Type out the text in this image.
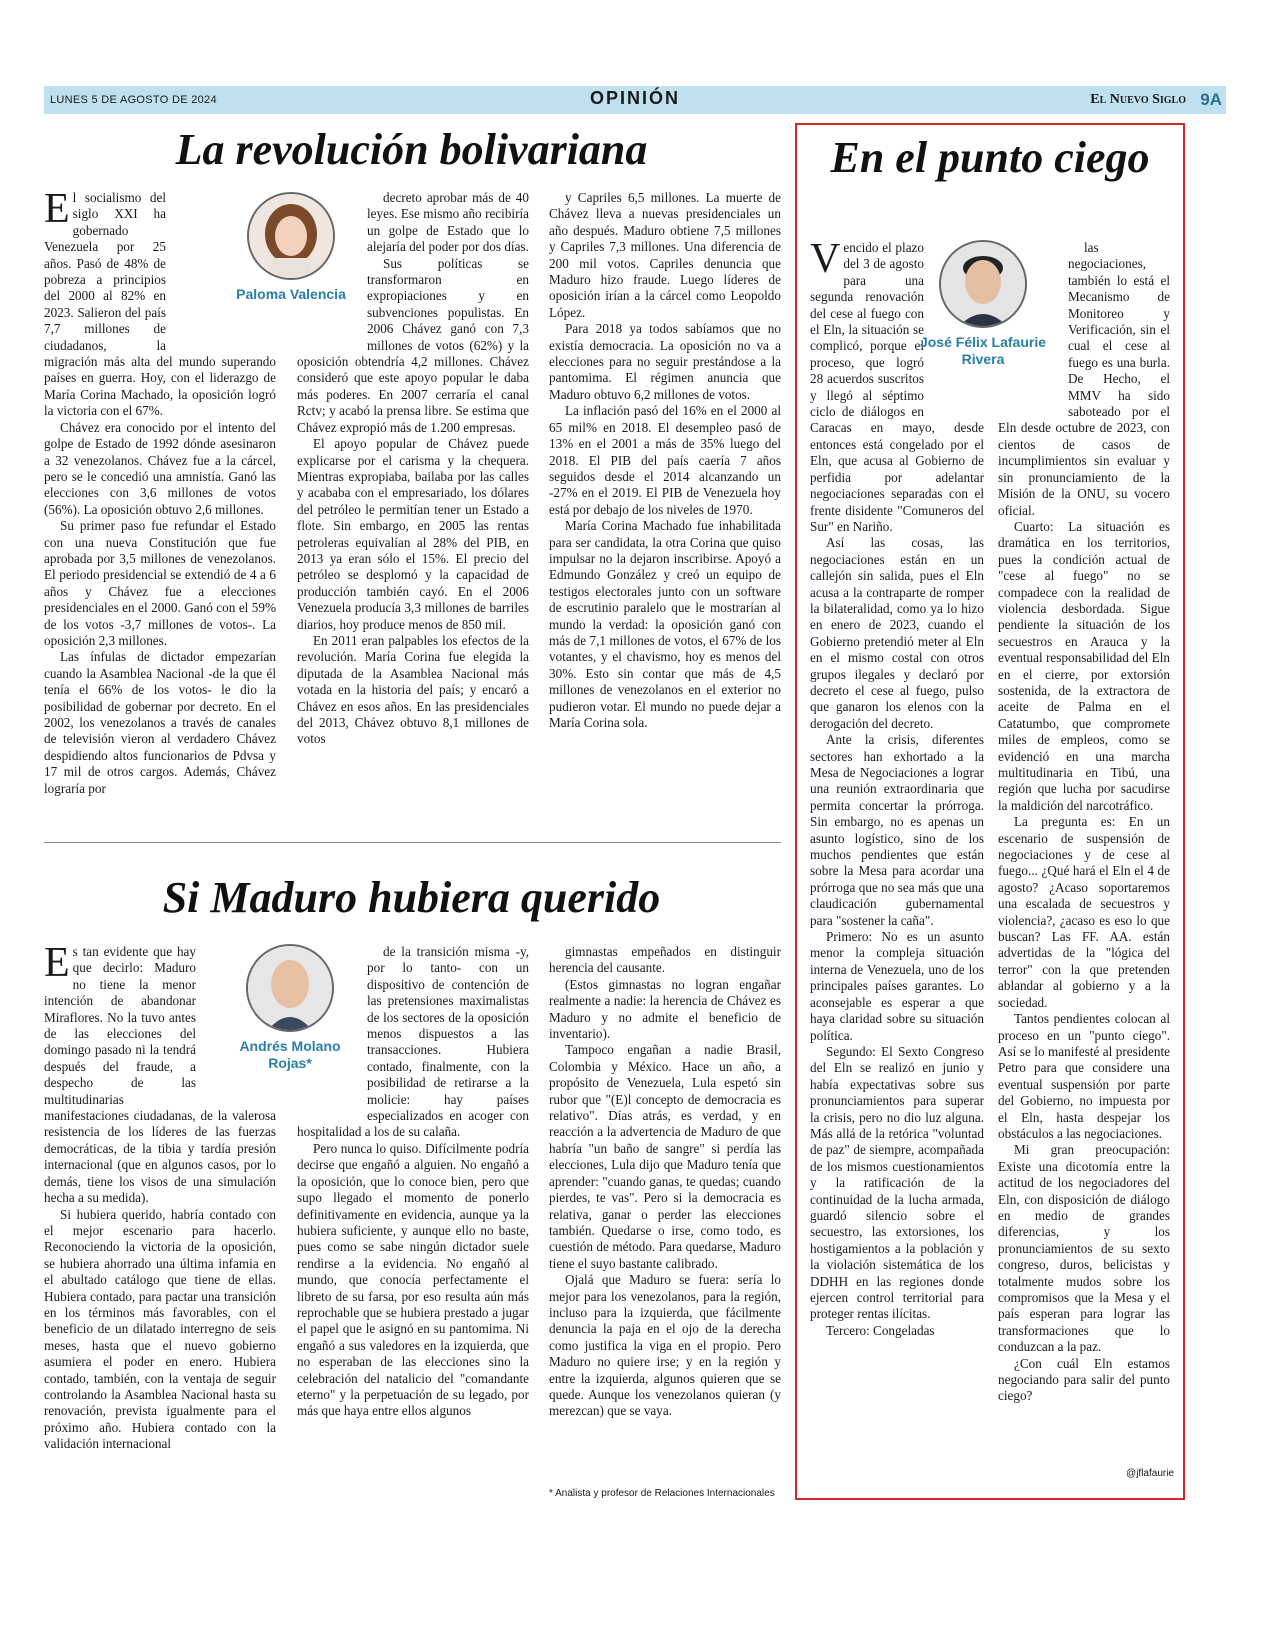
LUNES 5 DE AGOSTO DE 2024	OPINIÓN	El Nuevo Siglo 9A
La revolución bolivariana

El socialismo del siglo XXI ha gobernado Venezuela por 25 años. Pasó de 48% de pobreza a principios del 2000 al 82% en 2023. Salieron del país 7,7 millones de ciudadanos, la migración más alta del mundo superando países en guerra. Hoy, con el liderazgo de María Corina Machado, la oposición logró la victoria con el 67%.

Chávez era conocido por el intento del golpe de Estado de 1992 dónde asesinaron a 32 venezolanos. Chávez fue a la cárcel, pero se le concedió una amnistía. Ganó las elecciones con 3,6 millones de votos (56%). La oposición obtuvo 2,6 millones.

Su primer paso fue refundar el Estado con una nueva Constitución que fue aprobada por 3,5 millones de venezolanos. El periodo presidencial se extendió de 4 a 6 años y Chávez fue a elecciones presidenciales en el 2000. Ganó con el 59% de los votos -3,7 millones de votos-. La oposición 2,3 millones.

Las ínfulas de dictador empezarían cuando la Asamblea Nacional -de la que él tenía el 66% de los votos- le dio la posibilidad de gobernar por decreto. En el 2002, los venezolanos a través de canales de televisión vieron al verdadero Chávez despidiendo altos funcionarios de Pdvsa y 17 mil de otros cargos. Además, Chávez lograría por

Paloma Valencia

decreto aprobar más de 40 leyes. Ese mismo año recibiría un golpe de Estado que lo alejaría del poder por dos días.

Sus políticas se transformaron en expropiaciones y en subvenciones populistas. En 2006 Chávez ganó con 7,3 millones de votos (62%) y la oposición obtendría 4,2 millones. Chávez consideró que este apoyo popular le daba más poderes. En 2007 cerraría el canal Rctv; y acabó la prensa libre. Se estima que Chávez expropió más de 1.200 empresas.

El apoyo popular de Chávez puede explicarse por el carisma y la chequera. Mientras expropiaba, bailaba por las calles y acababa con el empresariado, los dólares del petróleo le permitían tener un Estado a flote. Sin embargo, en 2005 las rentas petroleras equivalían al 28% del PIB, en 2013 ya eran sólo el 15%. El precio del petróleo se desplomó y la capacidad de producción también cayó. En el 2006 Venezuela producía 3,3 millones de barriles diarios, hoy produce menos de 850 mil.

En 2011 eran palpables los efectos de la revolución. María Corina fue elegida la diputada de la Asamblea Nacional más votada en la historia del país; y encaró a Chávez en esos años. En las presidenciales del 2013, Chávez obtuvo 8,1 millones de votos

y Capriles 6,5 millones. La muerte de Chávez lleva a nuevas presidenciales un año después. Maduro obtiene 7,5 millones y Capriles 7,3 millones. Una diferencia de 200 mil votos. Capriles denuncia que Maduro hizo fraude. Luego líderes de oposición irían a la cárcel como Leopoldo López.

Para 2018 ya todos sabíamos que no existía democracia. La oposición no va a elecciones para no seguir prestándose a la pantomima. El régimen anuncia que Maduro obtuvo 6,2 millones de votos.

La inflación pasó del 16% en el 2000 al 65 mil% en 2018. El desempleo pasó de 13% en el 2001 a más de 35% luego del 2018. El PIB del país caería 7 años seguidos desde el 2014 alcanzando un -27% en el 2019. El PIB de Venezuela hoy está por debajo de los niveles de 1970.

María Corina Machado fue inhabilitada para ser candidata, la otra Corina que quiso impulsar no la dejaron inscribirse. Apoyó a Edmundo González y creó un equipo de testigos electorales junto con un software de escrutinio paralelo que le mostrarían al mundo la verdad: la oposición ganó con más de 7,1 millones de votos, el 67% de los votantes, y el chavismo, hoy es menos del 30%. Esto sin contar que más de 4,5 millones de venezolanos en el exterior no pudieron votar. El mundo no puede dejar a María Corina sola.

Si Maduro hubiera querido

Es tan evidente que hay que decirlo: Maduro no tiene la menor intención de abandonar Miraflores. No la tuvo antes de las elecciones del domingo pasado ni la tendrá después del fraude, a despecho de las multitudinarias manifestaciones ciudadanas, de la valerosa resistencia de los líderes de las fuerzas democráticas, de la tibia y tardía presión internacional (que en algunos casos, por lo demás, tiene los visos de una simulación hecha a su medida).

Si hubiera querido, habría contado con el mejor escenario para hacerlo. Reconociendo la victoria de la oposición, se hubiera ahorrado una última infamia en el abultado catálogo que tiene de ellas. Hubiera contado, para pactar una transición en los términos más favorables, con el beneficio de un dilatado interregno de seis meses, hasta que el nuevo gobierno asumiera el poder en enero. Hubiera contado, también, con la ventaja de seguir controlando la Asamblea Nacional hasta su renovación, prevista igualmente para el próximo año. Hubiera contado con la validación internacional

Andrés Molano Rojas*

de la transición misma -y, por lo tanto- con un dispositivo de contención de las pretensiones maximalistas de los sectores de la oposición menos dispuestos a las transacciones. Hubiera contado, finalmente, con la posibilidad de retirarse a la molicie: hay países especializados en acoger con hospitalidad a los de su calaña.

Pero nunca lo quiso. Difícilmente podría decirse que engañó a alguien. No engañó a la oposición, que lo conoce bien, pero que supo llegado el momento de ponerlo definitivamente en evidencia, aunque ya la hubiera suficiente, y aunque ello no baste, pues como se sabe ningún dictador suele rendirse a la evidencia. No engañó al mundo, que conocía perfectamente el libreto de su farsa, por eso resulta aún más reprochable que se hubiera prestado a jugar el papel que le asignó en su pantomima. Ni engañó a sus valedores en la izquierda, que no esperaban de las elecciones sino la celebración del natalicio del "comandante eterno" y la perpetuación de su legado, por más que haya entre ellos algunos

gimnastas empeñados en distinguir herencia del causante.

(Estos gimnastas no logran engañar realmente a nadie: la herencia de Chávez es Maduro y no admite el beneficio de inventario).

Tampoco engañan a nadie Brasil, Colombia y México. Hace un año, a propósito de Venezuela, Lula espetó sin rubor que "(E)l concepto de democracia es relativo". Días atrás, es verdad, y en reacción a la advertencia de Maduro de que habría "un baño de sangre" si perdía las elecciones, Lula dijo que Maduro tenía que aprender: "cuando ganas, te quedas; cuando pierdes, te vas". Pero si la democracia es relativa, ganar o perder las elecciones también. Quedarse o irse, como todo, es cuestión de método. Para quedarse, Maduro tiene el suyo bastante calibrado.

Ojalá que Maduro se fuera: sería lo mejor para los venezolanos, para la región, incluso para la izquierda, que fácilmente denuncia la paja en el ojo de la derecha como justifica la viga en el propio. Pero Maduro no quiere irse; y en la región y entre la izquierda, algunos quieren que se quede. Aunque los venezolanos quieran (y merezcan) que se vaya.

* Analista y profesor de Relaciones Internacionales
En el punto ciego

Vencido el plazo del 3 de agosto para una segunda renovación del cese al fuego con el Eln, la situación se complicó, porque el proceso, que logró 28 acuerdos suscritos y llegó al séptimo ciclo de diálogos en Caracas en mayo, desde entonces está congelado por el Eln, que acusa al Gobierno de perfidia por adelantar negociaciones separadas con el frente disidente "Comuneros del Sur" en Nariño.

Así las cosas, las negociaciones están en un callejón sin salida, pues el Eln acusa a la contraparte de romper la bilateralidad, como ya lo hizo en enero de 2023, cuando el Gobierno pretendió meter al Eln en el mismo costal con otros grupos ilegales y declaró por decreto el cese al fuego, pulso que ganaron los elenos con la derogación del decreto.

Ante la crisis, diferentes sectores han exhortado a la Mesa de Negociaciones a lograr una reunión extraordinaria que permita concertar la prórroga. Sin embargo, no es apenas un asunto logístico, sino de los muchos pendientes que están sobre la Mesa para acordar una prórroga que no sea más que una claudicación gubernamental para "sostener la caña".

Primero: No es un asunto menor la compleja situación interna de Venezuela, uno de los principales países garantes. Lo aconsejable es esperar a que haya claridad sobre su situación política.

Segundo: El Sexto Congreso del Eln se realizó en junio y había expectativas sobre sus pronunciamientos para superar la crisis, pero no dio luz alguna. Más allá de la retórica "voluntad de paz" de siempre, acompañada de los mismos cuestionamientos y la ratificación de la continuidad de la lucha armada, guardó silencio sobre el secuestro, las extorsiones, los hostigamientos a la población y la violación sistemática de los DDHH en las regiones donde ejercen control territorial para proteger rentas ilícitas.

Tercero: Congeladas

José Félix Lafaurie Rivera

las negociaciones, también lo está el Mecanismo de Monitoreo y Verificación, sin el cual el cese al fuego es una burla. De Hecho, el MMV ha sido saboteado por el Eln desde octubre de 2023, con cientos de casos de incumplimientos sin evaluar y sin pronunciamiento de la Misión de la ONU, su vocero oficial.

Cuarto: La situación es dramática en los territorios, pues la condición actual de "cese al fuego" no se compadece con la realidad de violencia desbordada. Sigue pendiente la situación de los secuestros en Arauca y la eventual responsabilidad del Eln en el cierre, por extorsión sostenida, de la extractora de aceite de Palma en el Catatumbo, que compromete miles de empleos, como se evidenció en una marcha multitudinaria en Tibú, una región que lucha por sacudirse la maldición del narcotráfico.

La pregunta es: En un escenario de suspensión de negociaciones y de cese al fuego... ¿Qué hará el Eln el 4 de agosto? ¿Acaso soportaremos una escalada de secuestros y violencia?, ¿acaso es eso lo que buscan? Las FF. AA. están advertidas de la "lógica del terror" con la que pretenden ablandar al gobierno y a la sociedad.

Tantos pendientes colocan al proceso en un "punto ciego". Así se lo manifesté al presidente Petro para que considere una eventual suspensión por parte del Gobierno, no impuesta por el Eln, hasta despejar los obstáculos a las negociaciones.

Mi gran preocupación: Existe una dicotomía entre la actitud de los negociadores del Eln, con disposición de diálogo en medio de grandes diferencias, y los pronunciamientos de su sexto congreso, duros, belicistas y totalmente mudos sobre los compromisos que la Mesa y el país esperan para lograr las transformaciones que lo conduzcan a la paz.

¿Con cuál Eln estamos negociando para salir del punto ciego?

@jflafaurie
